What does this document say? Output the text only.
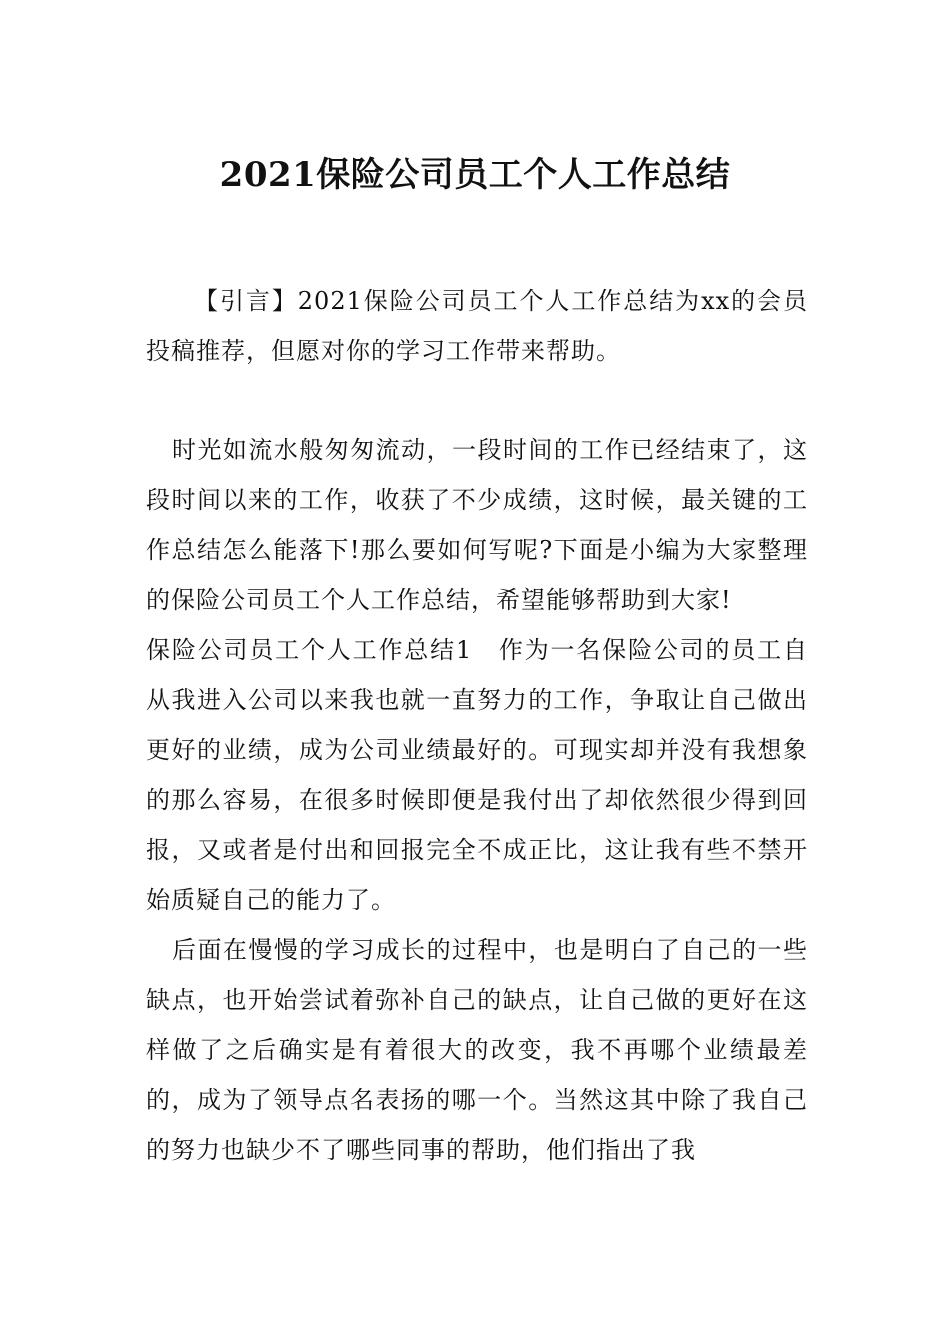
2021保险公司员工个人工作总结

【引言】2021保险公司员工个人工作总结为xx的会员投稿推荐，但愿对你的学习工作带来帮助。

时光如流水般匆匆流动，一段时间的工作已经结束了，这段时间以来的工作，收获了不少成绩，这时候，最关键的工作总结怎么能落下!那么要如何写呢?下面是小编为大家整理的保险公司员工个人工作总结，希望能够帮助到大家!

保险公司员工个人工作总结1　作为一名保险公司的员工自从我进入公司以来我也就一直努力的工作，争取让自己做出更好的业绩，成为公司业绩最好的。可现实却并没有我想象的那么容易，在很多时候即便是我付出了却依然很少得到回报，又或者是付出和回报完全不成正比，这让我有些不禁开始质疑自己的能力了。

后面在慢慢的学习成长的过程中，也是明白了自己的一些缺点，也开始尝试着弥补自己的缺点，让自己做的更好在这样做了之后确实是有着很大的改变，我不再哪个业绩最差的，成为了领导点名表扬的哪一个。当然这其中除了我自己的努力也缺少不了哪些同事的帮助，他们指出了我
